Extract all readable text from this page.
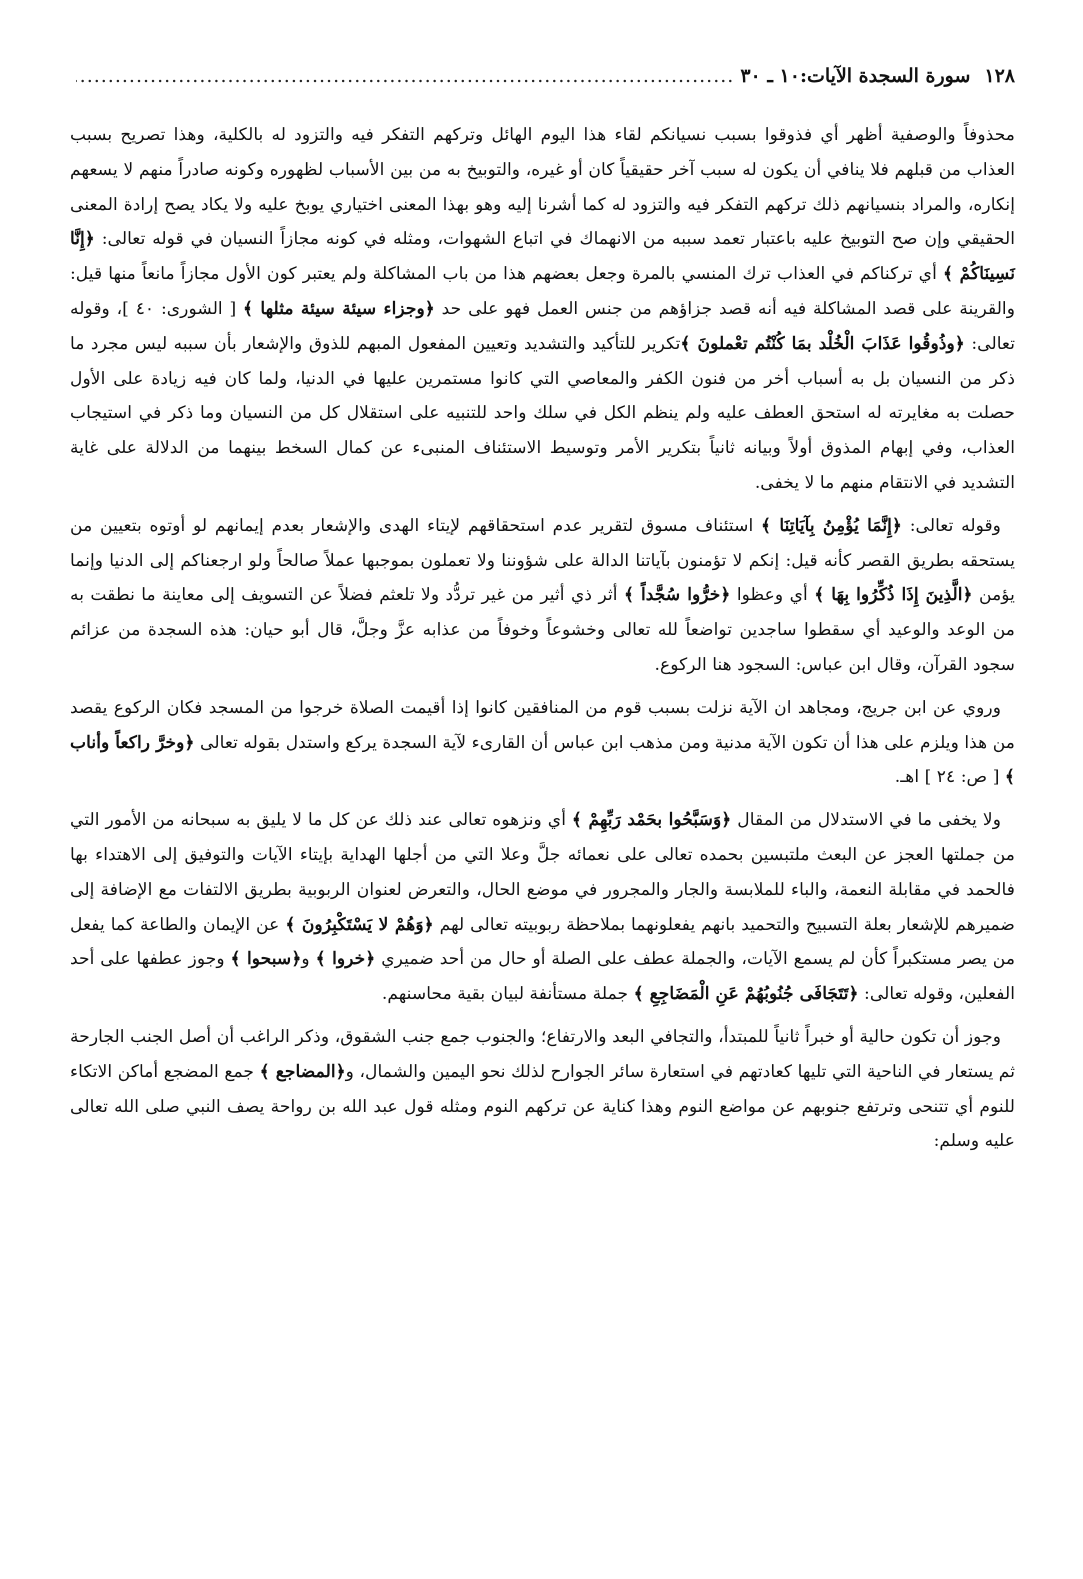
١٢٨
سورة السجدة الآيات:
١٠ ـ ٣٠
.....

محذوفاً والوصفية أظهر أي فذوقوا بسبب نسيانكم لقاء هذا اليوم الهائل وتركهم التفكر فيه والتزود له بالكلية، وهذا تصريح بسبب العذاب من قبلهم فلا ينافي أن يكون له سبب آخر حقيقياً كان أو غيره، والتوبيخ به من بين الأسباب لظهوره وكونه صادراً منهم لا يسعهم إنكاره، والمراد بنسيانهم ذلك تركهم التفكر فيه والتزود له كما أشرنا إليه وهو بهذا المعنى اختياري يوبخ عليه ولا يكاد يصح إرادة المعنى الحقيقي وإن صح التوبيخ عليه باعتبار تعمد سببه من الانهماك في اتباع الشهوات، ومثله في كونه مجازاً النسيان في قوله تعالى: ﴿إِنَّا نَسِينَاكُمْ ﴾ أي تركناكم في العذاب ترك المنسي بالمرة وجعل بعضهم هذا من باب المشاكلة ولم يعتبر كون الأول مجازاً مانعاً منها قيل: والقرينة على قصد المشاكلة فيه أنه قصد جزاؤهم من جنس العمل فهو على حد ﴿وجزاء سيئة سيئة مثلها ﴾ [ الشورى: ٤٠ ]، وقوله تعالى: ﴿وذُوقُوا عَذَابَ الْخُلْد بمَا كُنْتُم تعْملونَ ﴾تكرير للتأكيد والتشديد وتعيين المفعول المبهم للذوق والإشعار بأن سببه ليس مجرد ما ذكر من النسيان بل به أسباب أخر من فنون الكفر والمعاصي التي كانوا مستمرين عليها في الدنيا، ولما كان فيه زيادة على الأول حصلت به مغايرته له استحق العطف عليه ولم ينظم الكل في سلك واحد للتنبيه على استقلال كل من النسيان وما ذكر في استيجاب العذاب، وفي إبهام المذوق أولاً وبيانه ثانياً بتكرير الأمر وتوسيط الاستئناف المنبىء عن كمال السخط بينهما من الدلالة على غاية التشديد في الانتقام منهم ما لا يخفى.

وقوله تعالى: ﴿إِنَّمَا يُؤْمِنُ بِآيَاتِنَا ﴾ استئناف مسوق لتقرير عدم استحقاقهم لإيتاء الهدى والإشعار بعدم إيمانهم لو أوتوه بتعيين من يستحقه بطريق القصر كأنه قيل: إنكم لا تؤمنون بآياتنا الدالة على شؤوننا ولا تعملون بموجبها عملاً صالحاً ولو ارجعناكم إلى الدنيا وإنما يؤمن ﴿الَّذِينَ إِذَا ذُكِّرُوا بِهَا ﴾ أي وعظوا ﴿خرُّوا سُجَّداً ﴾ أثر ذي أثير من غير تردُّد ولا تلعثم فضلاً عن التسويف إلى معاينة ما نطقت به من الوعد والوعيد أي سقطوا ساجدين تواضعاً لله تعالى وخشوعاً وخوفاً من عذابه عزَّ وجلَّ، قال أبو حيان: هذه السجدة من عزائم سجود القرآن، وقال ابن عباس: السجود هنا الركوع.

وروي عن ابن جريج، ومجاهد ان الآية نزلت بسبب قوم من المنافقين كانوا إذا أقيمت الصلاة خرجوا من المسجد فكان الركوع يقصد من هذا ويلزم على هذا أن تكون الآية مدنية ومن مذهب ابن عباس أن القارىء لآية السجدة يركع واستدل بقوله تعالى ﴿وخرَّ راكعاً وأناب ﴾ [ ص: ٢٤ ] اهـ.

ولا يخفى ما في الاستدلال من المقال ﴿وَسَبَّحُوا بحَمْد رَبِّهِمْ ﴾ أي ونزهوه تعالى عند ذلك عن كل ما لا يليق به سبحانه من الأمور التي من جملتها العجز عن البعث ملتبسين بحمده تعالى على نعمائه جلَّ وعلا التي من أجلها الهداية بإيتاء الآيات والتوفيق إلى الاهتداء بها فالحمد في مقابلة النعمة، والباء للملابسة والجار والمجرور في موضع الحال، والتعرض لعنوان الربوبية بطريق الالتفات مع الإضافة إلى ضميرهم للإشعار بعلة التسبيح والتحميد بانهم يفعلونهما بملاحظة ربوبيته تعالى لهم ﴿وَهُمْ لا يَسْتَكْبِرُونَ ﴾ عن الإيمان والطاعة كما يفعل من يصر مستكبراً كأن لم يسمع الآيات، والجملة عطف على الصلة أو حال من أحد ضميري ﴿خروا ﴾ و﴿سبحوا ﴾ وجوز عطفها على أحد الفعلين، وقوله تعالى: ﴿تَتَجَافَى جُنُوبُهُمْ عَنِ الْمَضَاجِعِ ﴾ جملة مستأنفة لبيان بقية محاسنهم.

وجوز أن تكون حالية أو خبراً ثانياً للمبتدأ، والتجافي البعد والارتفاع؛ والجنوب جمع جنب الشقوق، وذكر الراغب أن أصل الجنب الجارحة ثم يستعار في الناحية التي تليها كعادتهم في استعارة سائر الجوارح لذلك نحو اليمين والشمال، و﴿المضاجع ﴾ جمع المضجع أماكن الاتكاء للنوم أي تتنحى وترتفع جنوبهم عن مواضع النوم وهذا كناية عن تركهم النوم ومثله قول عبد الله بن رواحة يصف النبي صلى الله تعالى عليه وسلم:
